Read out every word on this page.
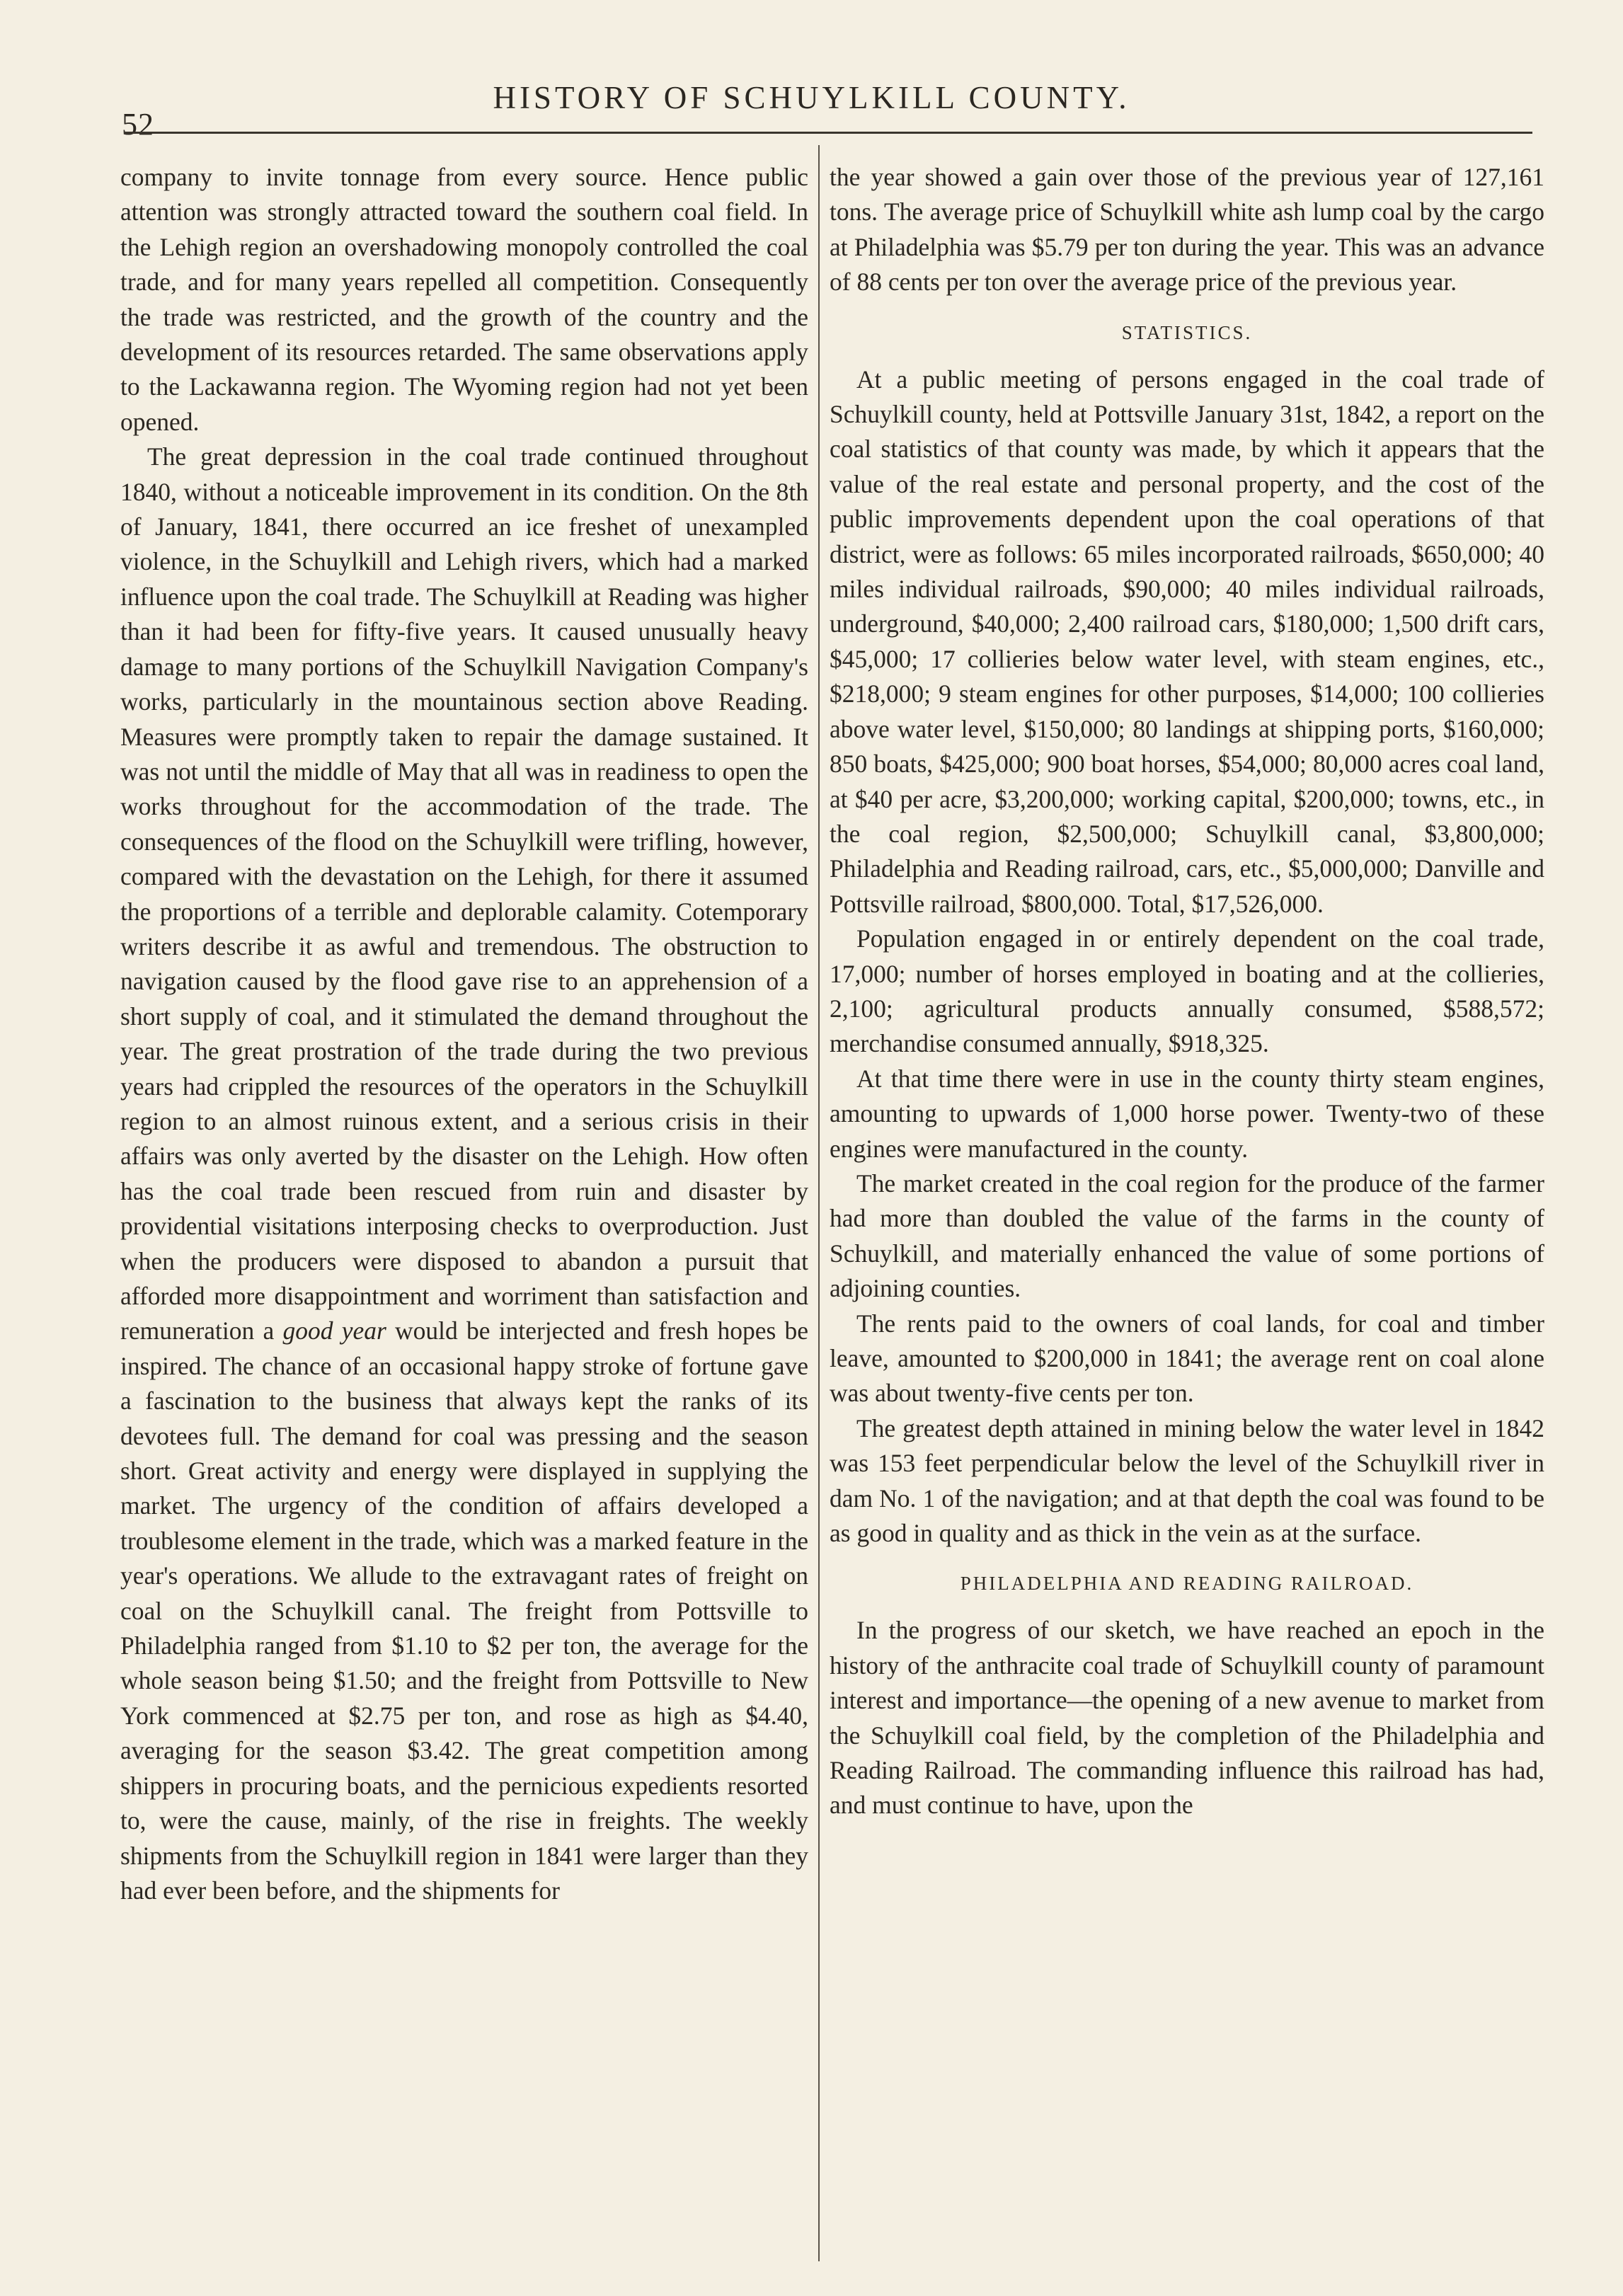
52
HISTORY OF SCHUYLKILL COUNTY.

company to invite tonnage from every source. Hence public attention was strongly attracted toward the southern coal field. In the Lehigh region an overshadowing monopoly controlled the coal trade, and for many years repelled all competition. Consequently the trade was restricted, and the growth of the country and the development of its resources retarded. The same observations apply to the Lackawanna region. The Wyoming region had not yet been opened.

The great depression in the coal trade continued throughout 1840, without a noticeable improvement in its condition. On the 8th of January, 1841, there occurred an ice freshet of unexampled violence, in the Schuylkill and Lehigh rivers, which had a marked influence upon the coal trade. The Schuylkill at Reading was higher than it had been for fifty-five years. It caused unusually heavy damage to many portions of the Schuylkill Navigation Company's works, particularly in the mountainous section above Reading. Measures were promptly taken to repair the damage sustained. It was not until the middle of May that all was in readiness to open the works throughout for the accommodation of the trade. The consequences of the flood on the Schuylkill were trifling, however, compared with the devastation on the Lehigh, for there it assumed the proportions of a terrible and deplorable calamity. Cotemporary writers describe it as awful and tremendous. The obstruction to navigation caused by the flood gave rise to an apprehension of a short supply of coal, and it stimulated the demand throughout the year. The great prostration of the trade during the two previous years had crippled the resources of the operators in the Schuylkill region to an almost ruinous extent, and a serious crisis in their affairs was only averted by the disaster on the Lehigh. How often has the coal trade been rescued from ruin and disaster by providential visitations interposing checks to overproduction. Just when the producers were disposed to abandon a pursuit that afforded more disappointment and worriment than satisfaction and remuneration a good year would be interjected and fresh hopes be inspired. The chance of an occasional happy stroke of fortune gave a fascination to the business that always kept the ranks of its devotees full. The demand for coal was pressing and the season short. Great activity and energy were displayed in supplying the market. The urgency of the condition of affairs developed a troublesome element in the trade, which was a marked feature in the year's operations. We allude to the extravagant rates of freight on coal on the Schuylkill canal. The freight from Pottsville to Philadelphia ranged from $1.10 to $2 per ton, the average for the whole season being $1.50; and the freight from Pottsville to New York commenced at $2.75 per ton, and rose as high as $4.40, averaging for the season $3.42. The great competition among shippers in procuring boats, and the pernicious expedients resorted to, were the cause, mainly, of the rise in freights. The weekly shipments from the Schuylkill region in 1841 were larger than they had ever been before, and the shipments for

the year showed a gain over those of the previous year of 127,161 tons. The average price of Schuylkill white ash lump coal by the cargo at Philadelphia was $5.79 per ton during the year. This was an advance of 88 cents per ton over the average price of the previous year.

STATISTICS.

At a public meeting of persons engaged in the coal trade of Schuylkill county, held at Pottsville January 31st, 1842, a report on the coal statistics of that county was made, by which it appears that the value of the real estate and personal property, and the cost of the public improvements dependent upon the coal operations of that district, were as follows: 65 miles incorporated railroads, $650,000; 40 miles individual railroads, $90,000; 40 miles individual railroads, underground, $40,000; 2,400 railroad cars, $180,000; 1,500 drift cars, $45,000; 17 collieries below water level, with steam engines, etc., $218,000; 9 steam engines for other purposes, $14,000; 100 collieries above water level, $150,000; 80 landings at shipping ports, $160,000; 850 boats, $425,000; 900 boat horses, $54,000; 80,000 acres coal land, at $40 per acre, $3,200,000; working capital, $200,000; towns, etc., in the coal region, $2,500,000; Schuylkill canal, $3,800,000; Philadelphia and Reading railroad, cars, etc., $5,000,000; Danville and Pottsville railroad, $800,000. Total, $17,526,000.

Population engaged in or entirely dependent on the coal trade, 17,000; number of horses employed in boating and at the collieries, 2,100; agricultural products annually consumed, $588,572; merchandise consumed annually, $918,325.

At that time there were in use in the county thirty steam engines, amounting to upwards of 1,000 horse power. Twenty-two of these engines were manufactured in the county.

The market created in the coal region for the produce of the farmer had more than doubled the value of the farms in the county of Schuylkill, and materially enhanced the value of some portions of adjoining counties.

The rents paid to the owners of coal lands, for coal and timber leave, amounted to $200,000 in 1841; the average rent on coal alone was about twenty-five cents per ton.

The greatest depth attained in mining below the water level in 1842 was 153 feet perpendicular below the level of the Schuylkill river in dam No. 1 of the navigation; and at that depth the coal was found to be as good in quality and as thick in the vein as at the surface.

PHILADELPHIA AND READING RAILROAD.

In the progress of our sketch, we have reached an epoch in the history of the anthracite coal trade of Schuylkill county of paramount interest and importance—the opening of a new avenue to market from the Schuylkill coal field, by the completion of the Philadelphia and Reading Railroad. The commanding influence this railroad has had, and must continue to have, upon the
